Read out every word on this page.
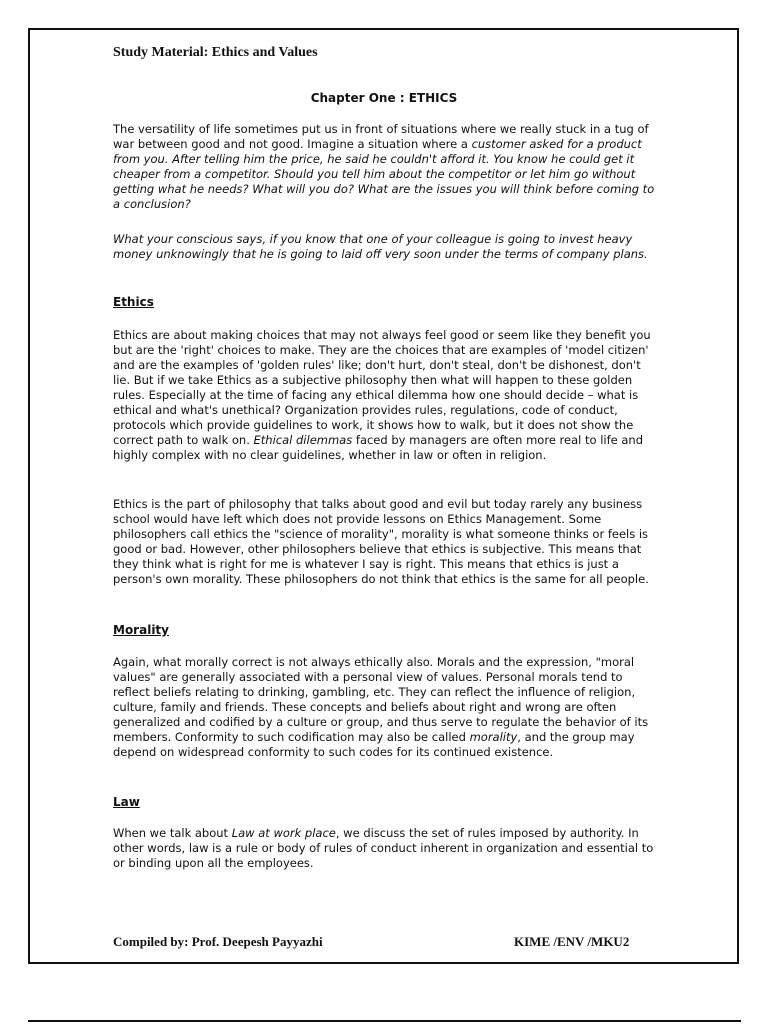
Study Material: Ethics and Values
Chapter One : ETHICS

The versatility of life sometimes put us in front of situations where we really stuck in a tug of war between good and not good. Imagine a situation where a customer asked for a product from you. After telling him the price, he said he couldn't afford it. You know he could get it cheaper from a competitor. Should you tell him about the competitor or let him go without getting what he needs? What will you do? What are the issues you will think before coming to a conclusion?

What your conscious says, if you know that one of your colleague is going to invest heavy money unknowingly that he is going to laid off very soon under the terms of company plans.

Ethics

Ethics are about making choices that may not always feel good or seem like they benefit you but are the 'right' choices to make. They are the choices that are examples of 'model citizen' and are the examples of 'golden rules' like; don't hurt, don't steal, don't be dishonest, don't lie. But if we take Ethics as a subjective philosophy then what will happen to these golden rules. Especially at the time of facing any ethical dilemma how one should decide – what is ethical and what's unethical? Organization provides rules, regulations, code of conduct, protocols which provide guidelines to work, it shows how to walk, but it does not show the correct path to walk on. Ethical dilemmas faced by managers are often more real to life and highly complex with no clear guidelines, whether in law or often in religion.

Ethics is the part of philosophy that talks about good and evil but today rarely any business school would have left which does not provide lessons on Ethics Management. Some philosophers call ethics the "science of morality", morality is what someone thinks or feels is good or bad. However, other philosophers believe that ethics is subjective. This means that they think what is right for me is whatever I say is right. This means that ethics is just a person's own morality. These philosophers do not think that ethics is the same for all people.

Morality

Again, what morally correct is not always ethically also. Morals and the expression, "moral values" are generally associated with a personal view of values. Personal morals tend to reflect beliefs relating to drinking, gambling, etc. They can reflect the influence of religion, culture, family and friends. These concepts and beliefs about right and wrong are often generalized and codified by a culture or group, and thus serve to regulate the behavior of its members. Conformity to such codification may also be called morality, and the group may depend on widespread conformity to such codes for its continued existence.

Law

When we talk about Law at work place, we discuss the set of rules imposed by authority. In other words, law is a rule or body of rules of conduct inherent in organization and essential to or binding upon all the employees.

Compiled by: Prof. Deepesh Payyazhi	KIME /ENV /MKU2
